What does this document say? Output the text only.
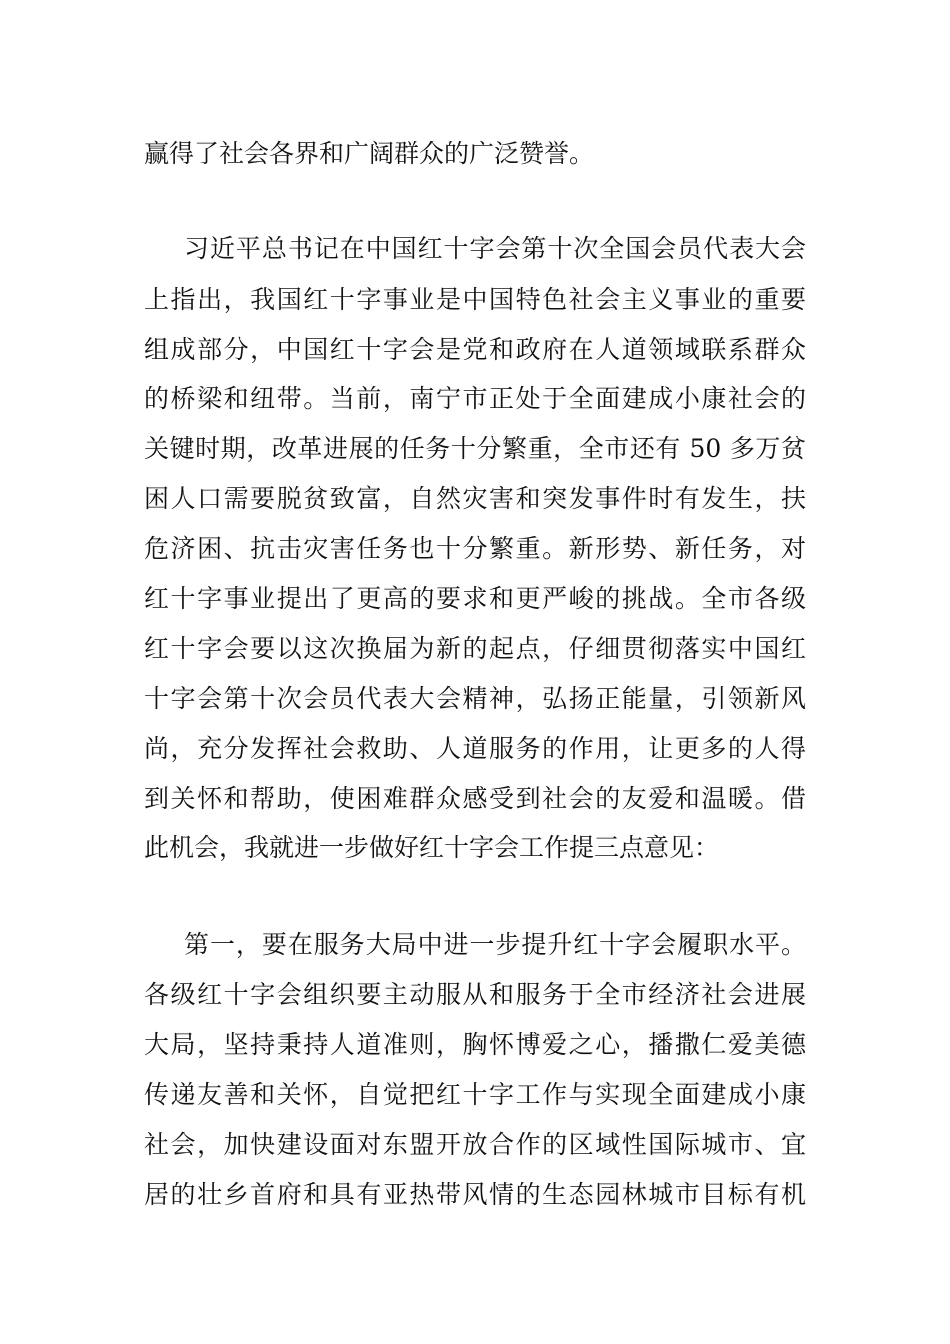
赢得了社会各界和广阔群众的广泛赞誉。
习近平总书记在中国红十字会第十次全国会员代表大会
上指出，我国红十字事业是中国特色社会主义事业的重要
组成部分，中国红十字会是党和政府在人道领域联系群众
的桥梁和纽带。当前，南宁市正处于全面建成小康社会的
关键时期，改革进展的任务十分繁重，全市还有 50 多万贫
困人口需要脱贫致富，自然灾害和突发事件时有发生，扶
危济困、抗击灾害任务也十分繁重。新形势、新任务，对
红十字事业提出了更高的要求和更严峻的挑战。全市各级
红十字会要以这次换届为新的起点，仔细贯彻落实中国红
十字会第十次会员代表大会精神，弘扬正能量，引领新风
尚，充分发挥社会救助、人道服务的作用，让更多的人得
到关怀和帮助，使困难群众感受到社会的友爱和温暖。借
此机会，我就进一步做好红十字会工作提三点意见：
第一，要在服务大局中进一步提升红十字会履职水平。
各级红十字会组织要主动服从和服务于全市经济社会进展
大局，坚持秉持人道准则，胸怀博爱之心，播撒仁爱美德
传递友善和关怀，自觉把红十字工作与实现全面建成小康
社会，加快建设面对东盟开放合作的区域性国际城市、宜
居的壮乡首府和具有亚热带风情的生态园林城市目标有机
